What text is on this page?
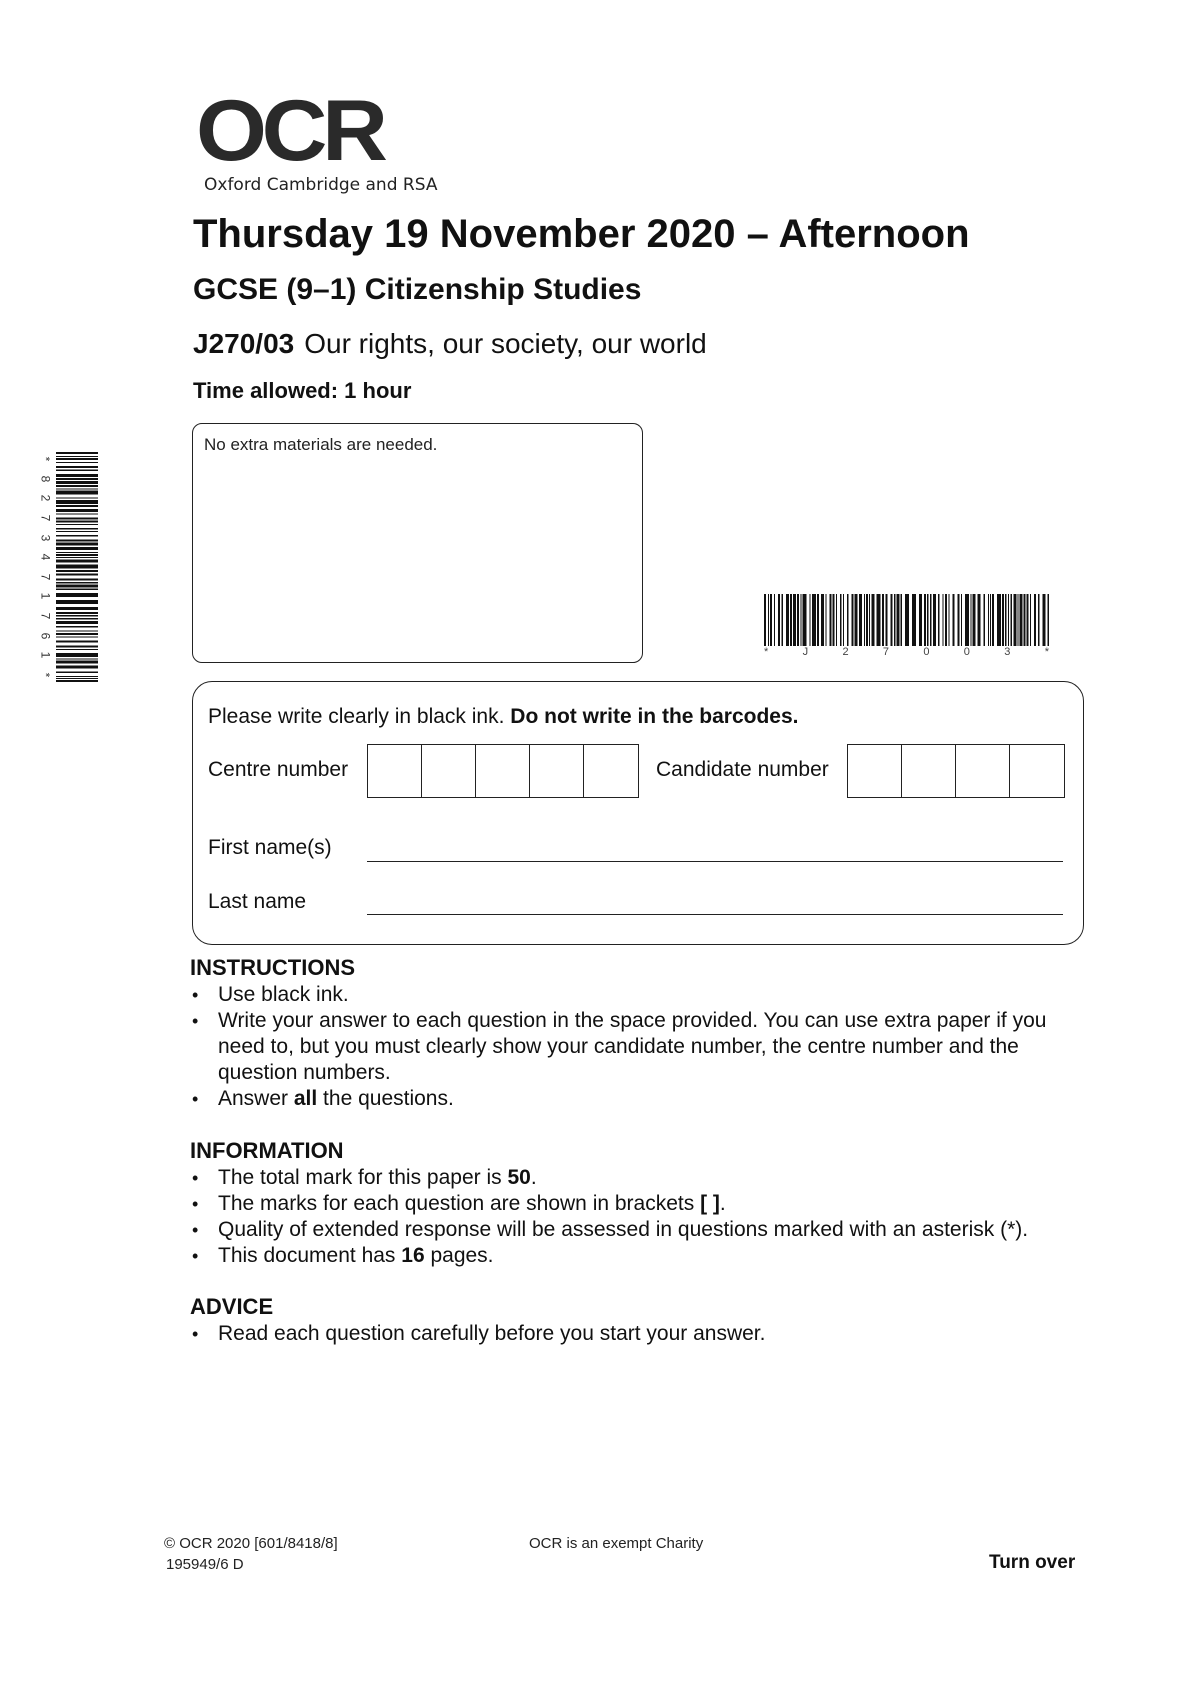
OCR
Oxford Cambridge and RSA
Thursday 19 November 2020 – Afternoon
GCSE (9–1) Citizenship Studies
J270/03 Our rights, our society, our world
Time allowed: 1 hour
No extra materials are needed.
*	J	2	7	0	0	3	*
*
8
2
7
3
4
7
1
7
6
1
*
Please write clearly in black ink. Do not write in the barcodes.
Centre number	Candidate number
First name(s)
Last name
INSTRUCTIONS
• Use black ink.
• Write your answer to each question in the space provided. You can use extra paper if you need to, but you must clearly show your candidate number, the centre number and the question numbers.
• Answer all the questions.
INFORMATION
• The total mark for this paper is 50.
• The marks for each question are shown in brackets [ ].
• Quality of extended response will be assessed in questions marked with an asterisk (*).
• This document has 16 pages.
ADVICE
• Read each question carefully before you start your answer.
© OCR 2020 [601/8418/8]
195949/6 D
OCR is an exempt Charity
Turn over
